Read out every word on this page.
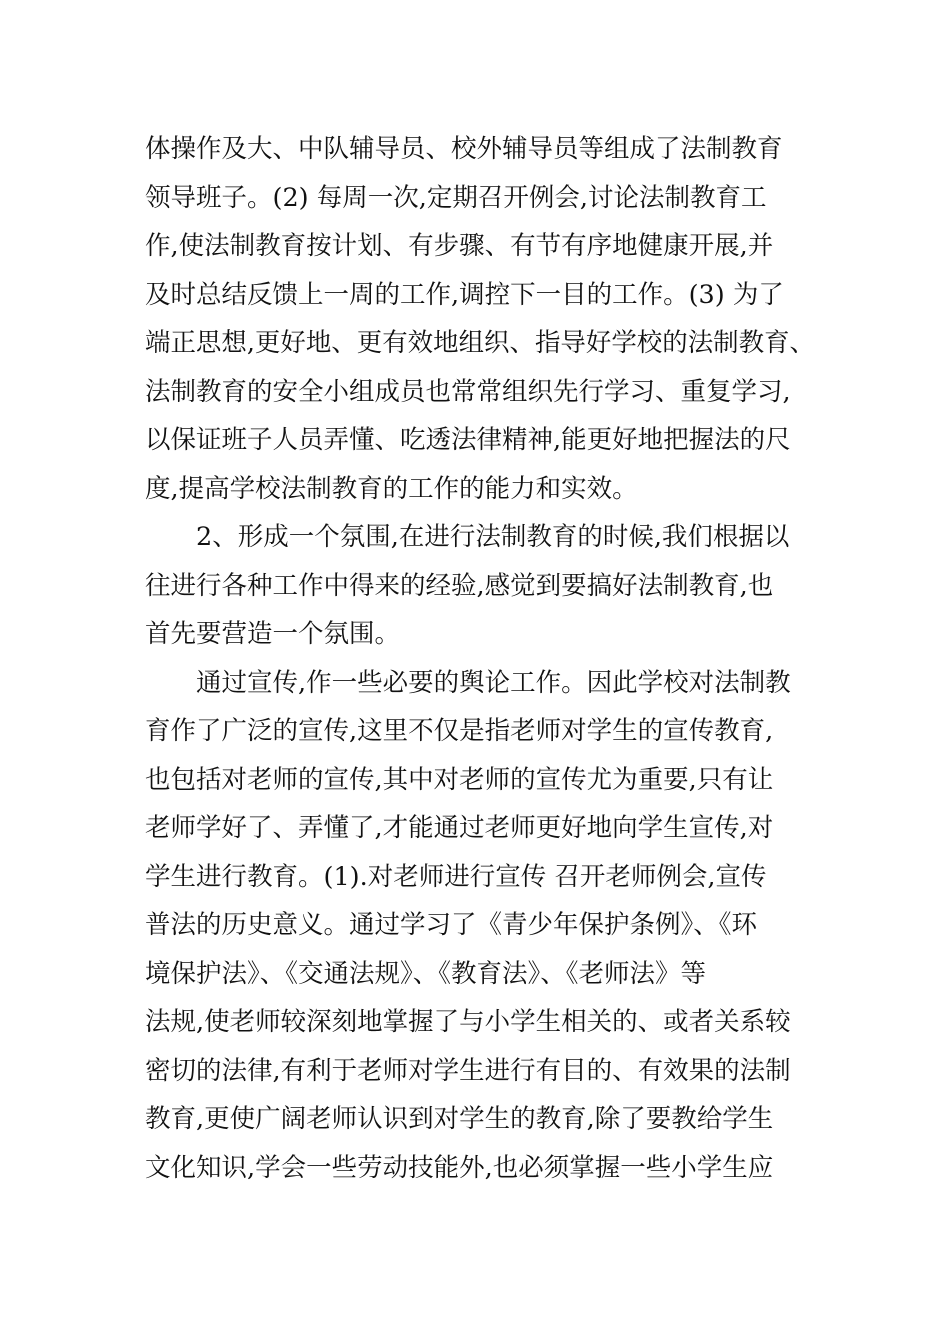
体操作及大、中队辅导员、校外辅导员等组成了法制教育
领导班子。(2) 每周一次,定期召开例会,讨论法制教育工
作,使法制教育按计划、有步骤、有节有序地健康开展,并
及时总结反馈上一周的工作,调控下一目的工作。(3) 为了
端正思想,更好地、更有效地组织、指导好学校的法制教育、
法制教育的安全小组成员也常常组织先行学习、重复学习,
以保证班子人员弄懂、吃透法律精神,能更好地把握法的尺
度,提高学校法制教育的工作的能力和实效。
2、形成一个氛围,在进行法制教育的时候,我们根据以
往进行各种工作中得来的经验,感觉到要搞好法制教育,也
首先要营造一个氛围。
通过宣传,作一些必要的舆论工作。因此学校对法制教
育作了广泛的宣传,这里不仅是指老师对学生的宣传教育,
也包括对老师的宣传,其中对老师的宣传尤为重要,只有让
老师学好了、弄懂了,才能通过老师更好地向学生宣传,对
学生进行教育。(1).对老师进行宣传 召开老师例会,宣传
普法的历史意义。通过学习了《青少年保护条例》、《环
境保护法》、《交通法规》、《教育法》、《老师法》等
法规,使老师较深刻地掌握了与小学生相关的、或者关系较
密切的法律,有利于老师对学生进行有目的、有效果的法制
教育,更使广阔老师认识到对学生的教育,除了要教给学生
文化知识,学会一些劳动技能外,也必须掌握一些小学生应
